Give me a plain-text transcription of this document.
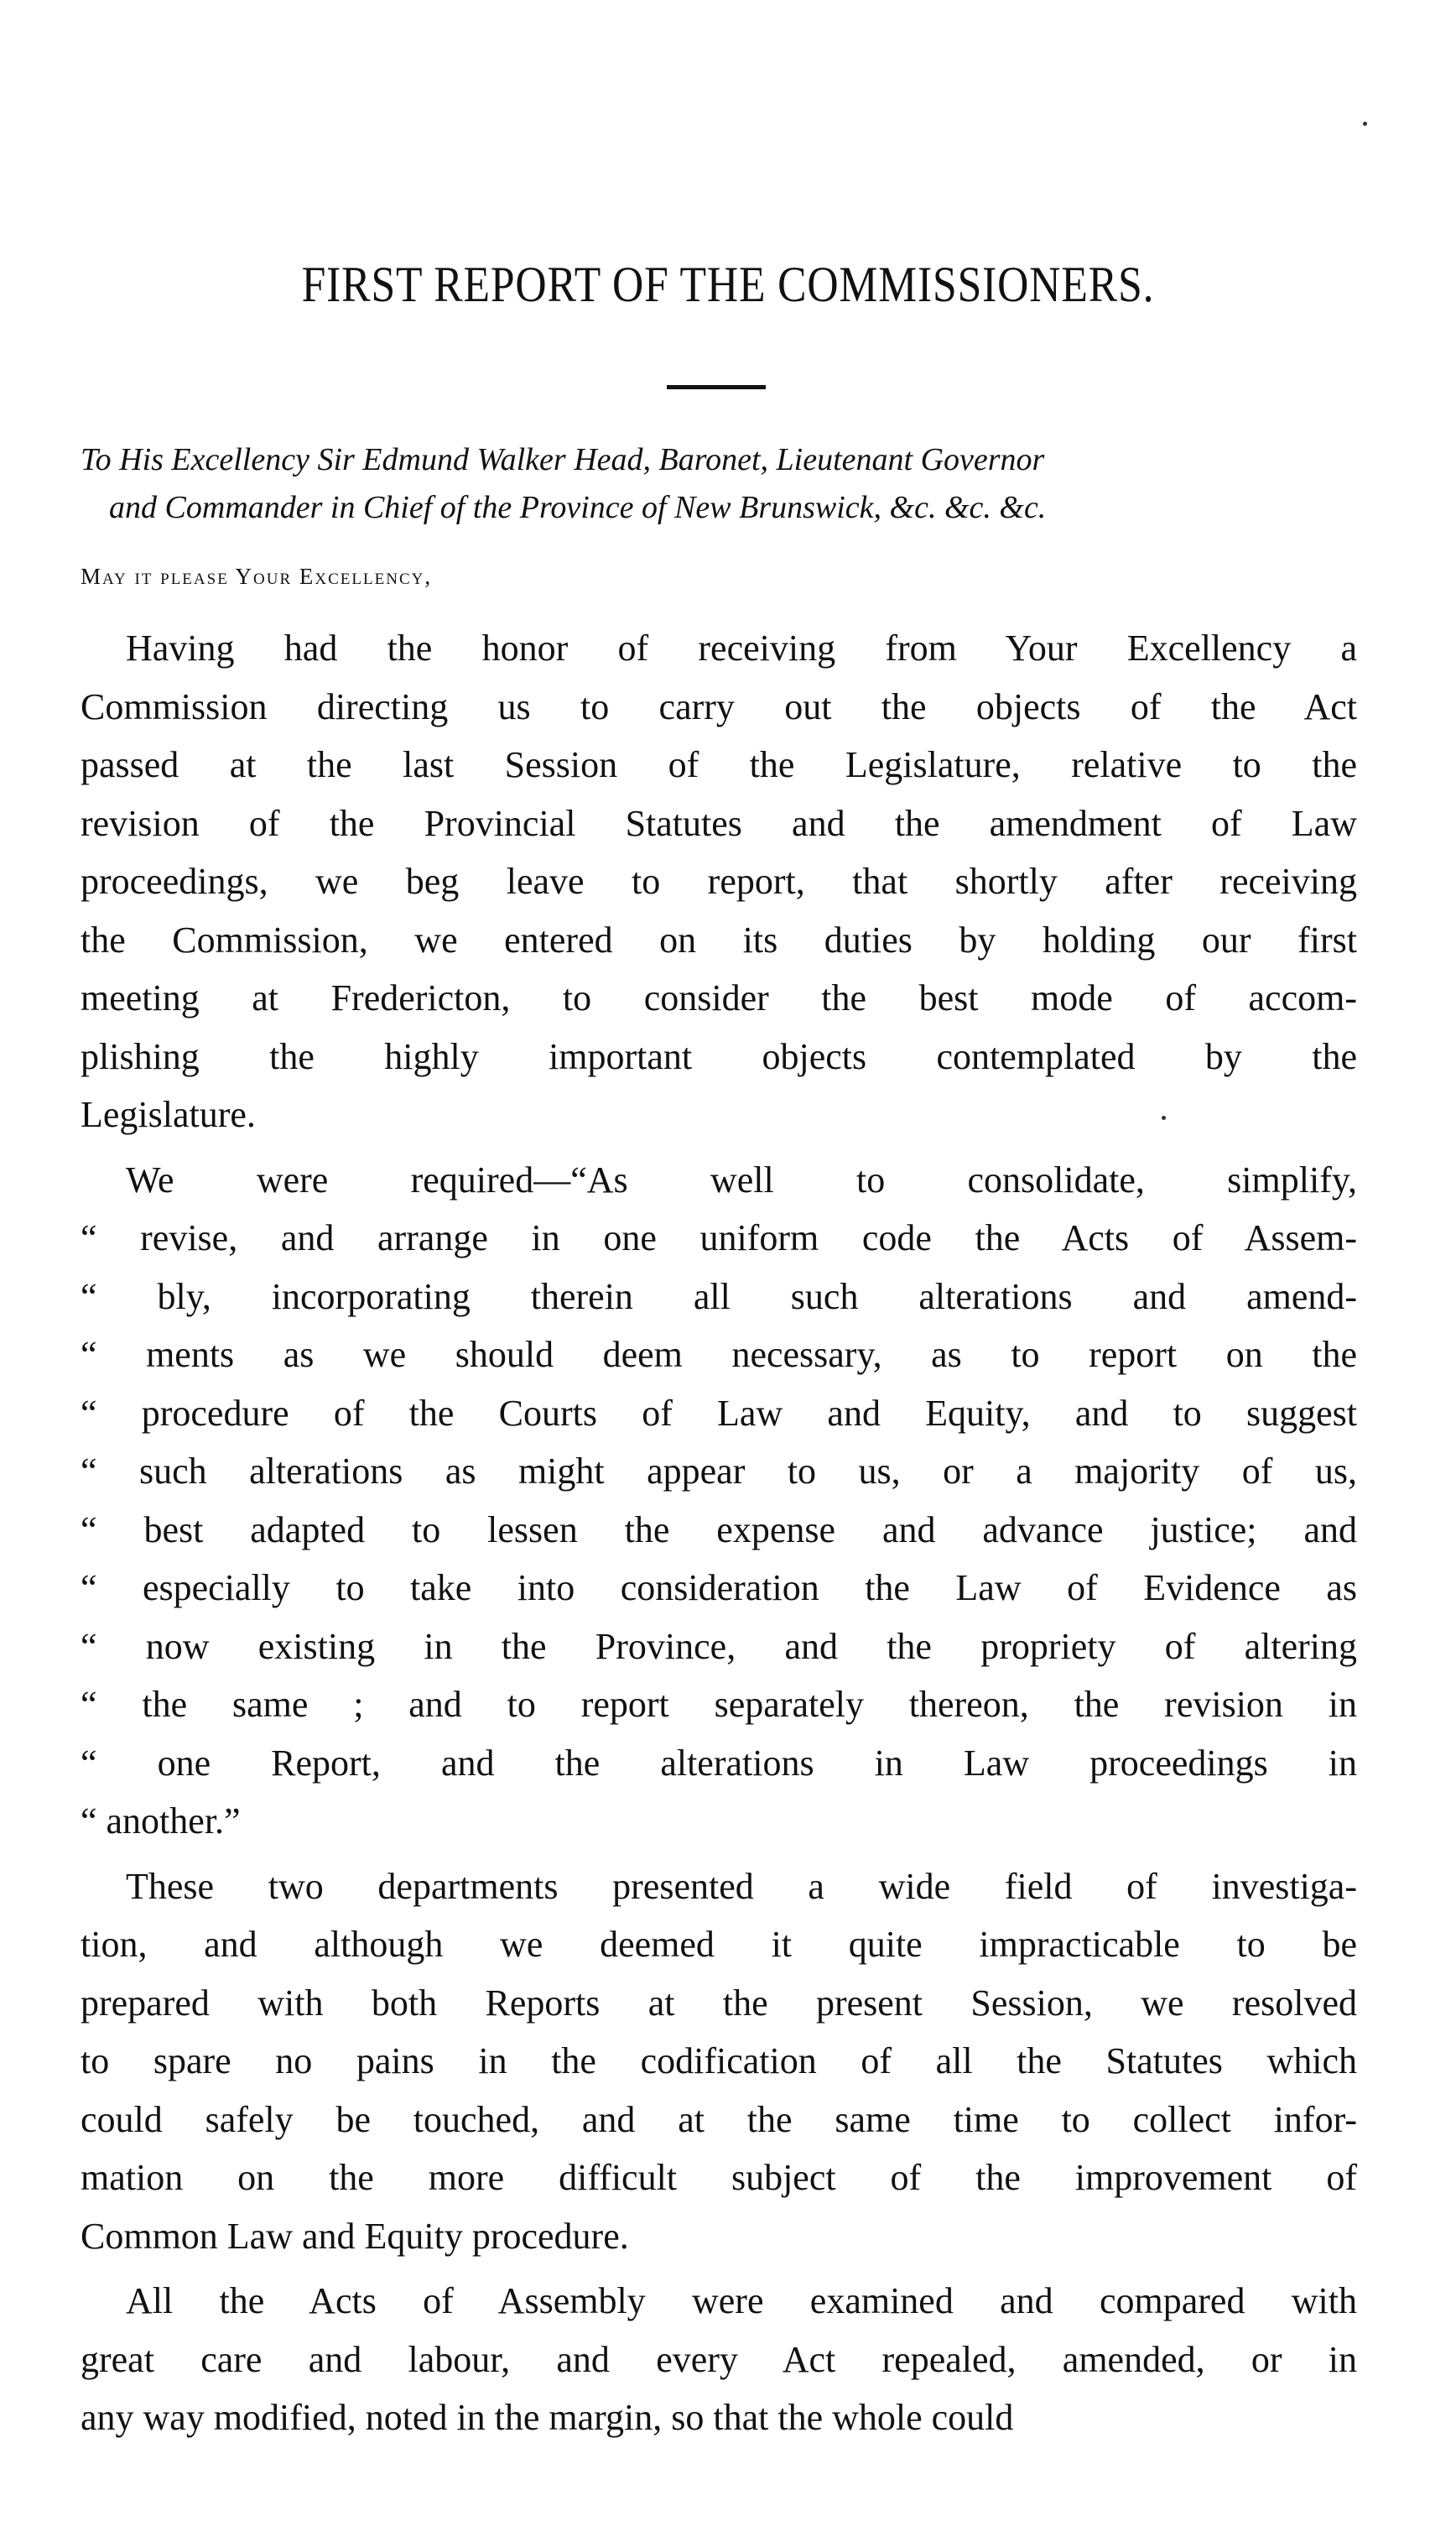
FIRST REPORT OF THE COMMISSIONERS.

To His Excellency Sir Edmund Walker Head, Baronet, Lieutenant Governor
and Commander in Chief of the Province of New Brunswick, &c. &c. &c.

May it please Your Excellency,

Having had the honor of receiving from Your Excellency a
Commission directing us to carry out the objects of the Act
passed at the last Session of the Legislature, relative to the
revision of the Provincial Statutes and the amendment of Law
proceedings, we beg leave to report, that shortly after receiving
the Commission, we entered on its duties by holding our first
meeting at Fredericton, to consider the best mode of accom-
plishing the highly important objects contemplated by the
Legislature.
We were required—“As well to consolidate, simplify,
“ revise, and arrange in one uniform code the Acts of Assem-
“ bly, incorporating therein all such alterations and amend-
“ ments as we should deem necessary, as to report on the
“ procedure of the Courts of Law and Equity, and to suggest
“ such alterations as might appear to us, or a majority of us,
“ best adapted to lessen the expense and advance justice; and
“ especially to take into consideration the Law of Evidence as
“ now existing in the Province, and the propriety of altering
“ the same ; and to report separately thereon, the revision in
“ one Report, and the alterations in Law proceedings in
“ another.”
These two departments presented a wide field of investiga-
tion, and although we deemed it quite impracticable to be
prepared with both Reports at the present Session, we resolved
to spare no pains in the codification of all the Statutes which
could safely be touched, and at the same time to collect infor-
mation on the more difficult subject of the improvement of
Common Law and Equity procedure.
All the Acts of Assembly were examined and compared with
great care and labour, and every Act repealed, amended, or in
any way modified, noted in the margin, so that the whole could
